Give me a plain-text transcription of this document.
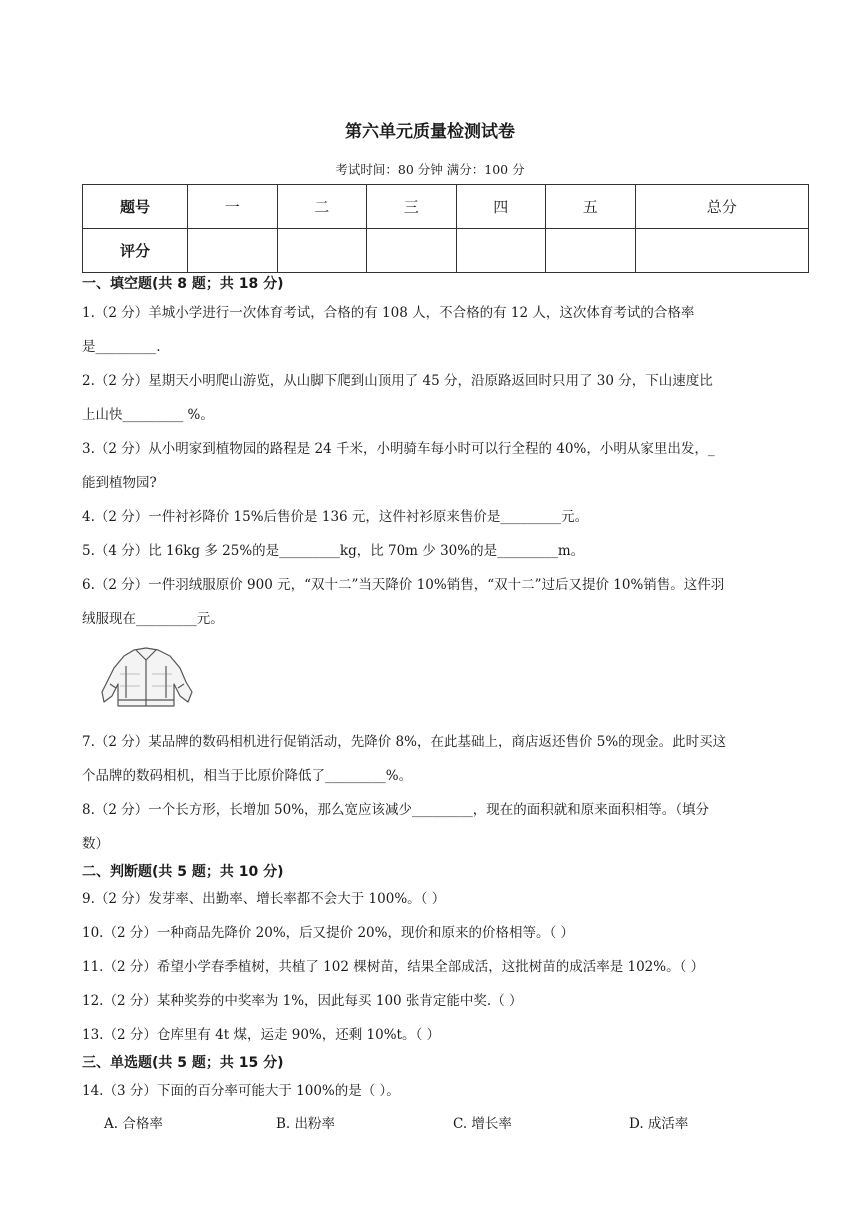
第六单元质量检测试卷
考试时间：80 分钟 满分：100 分
题号	一	二	三	四	五	总分
评分						
一、填空题(共 8 题；共 18 分)
1.（2 分）羊城小学进行一次体育考试，合格的有 108 人，不合格的有 12 人，这次体育考试的合格率
是_________.
2.（2 分）星期天小明爬山游览，从山脚下爬到山顶用了 45 分，沿原路返回时只用了 30 分，下山速度比
上山快_________ %。
3.（2 分）从小明家到植物园的路程是 24 千米，小明骑车每小时可以行全程的 40%，小明从家里出发，_
能到植物园?
4.（2 分）一件衬衫降价 15%后售价是 136 元，这件衬衫原来售价是_________元。
5.（4 分）比 16kg 多 25%的是_________kg，比 70m 少 30%的是_________m。
6.（2 分）一件羽绒服原价 900 元，“双十二”当天降价 10%销售，“双十二”过后又提价 10%销售。这件羽
绒服现在_________元。
7.（2 分）某品牌的数码相机进行促销活动，先降价 8%，在此基础上，商店返还售价 5%的现金。此时买这
个品牌的数码相机，相当于比原价降低了_________%。
8.（2 分）一个长方形，长增加 50%，那么宽应该减少_________，现在的面积就和原来面积相等。（填分
数）
二、判断题(共 5 题；共 10 分)
9.（2 分）发芽率、出勤率、增长率都不会大于 100%。（ ）
10.（2 分）一种商品先降价 20%，后又提价 20%，现价和原来的价格相等。（ ）
11.（2 分）希望小学春季植树，共植了 102 棵树苗，结果全部成活，这批树苗的成活率是 102%。（ ）
12.（2 分）某种奖券的中奖率为 1%，因此每买 100 张肯定能中奖.（ ）
13.（2 分）仓库里有 4t 煤，运走 90%，还剩 10%t。（ ）
三、单选题(共 5 题；共 15 分)
14.（3 分）下面的百分率可能大于 100%的是（ ）。
A. 合格率	B. 出粉率	C. 增长率	D. 成活率
